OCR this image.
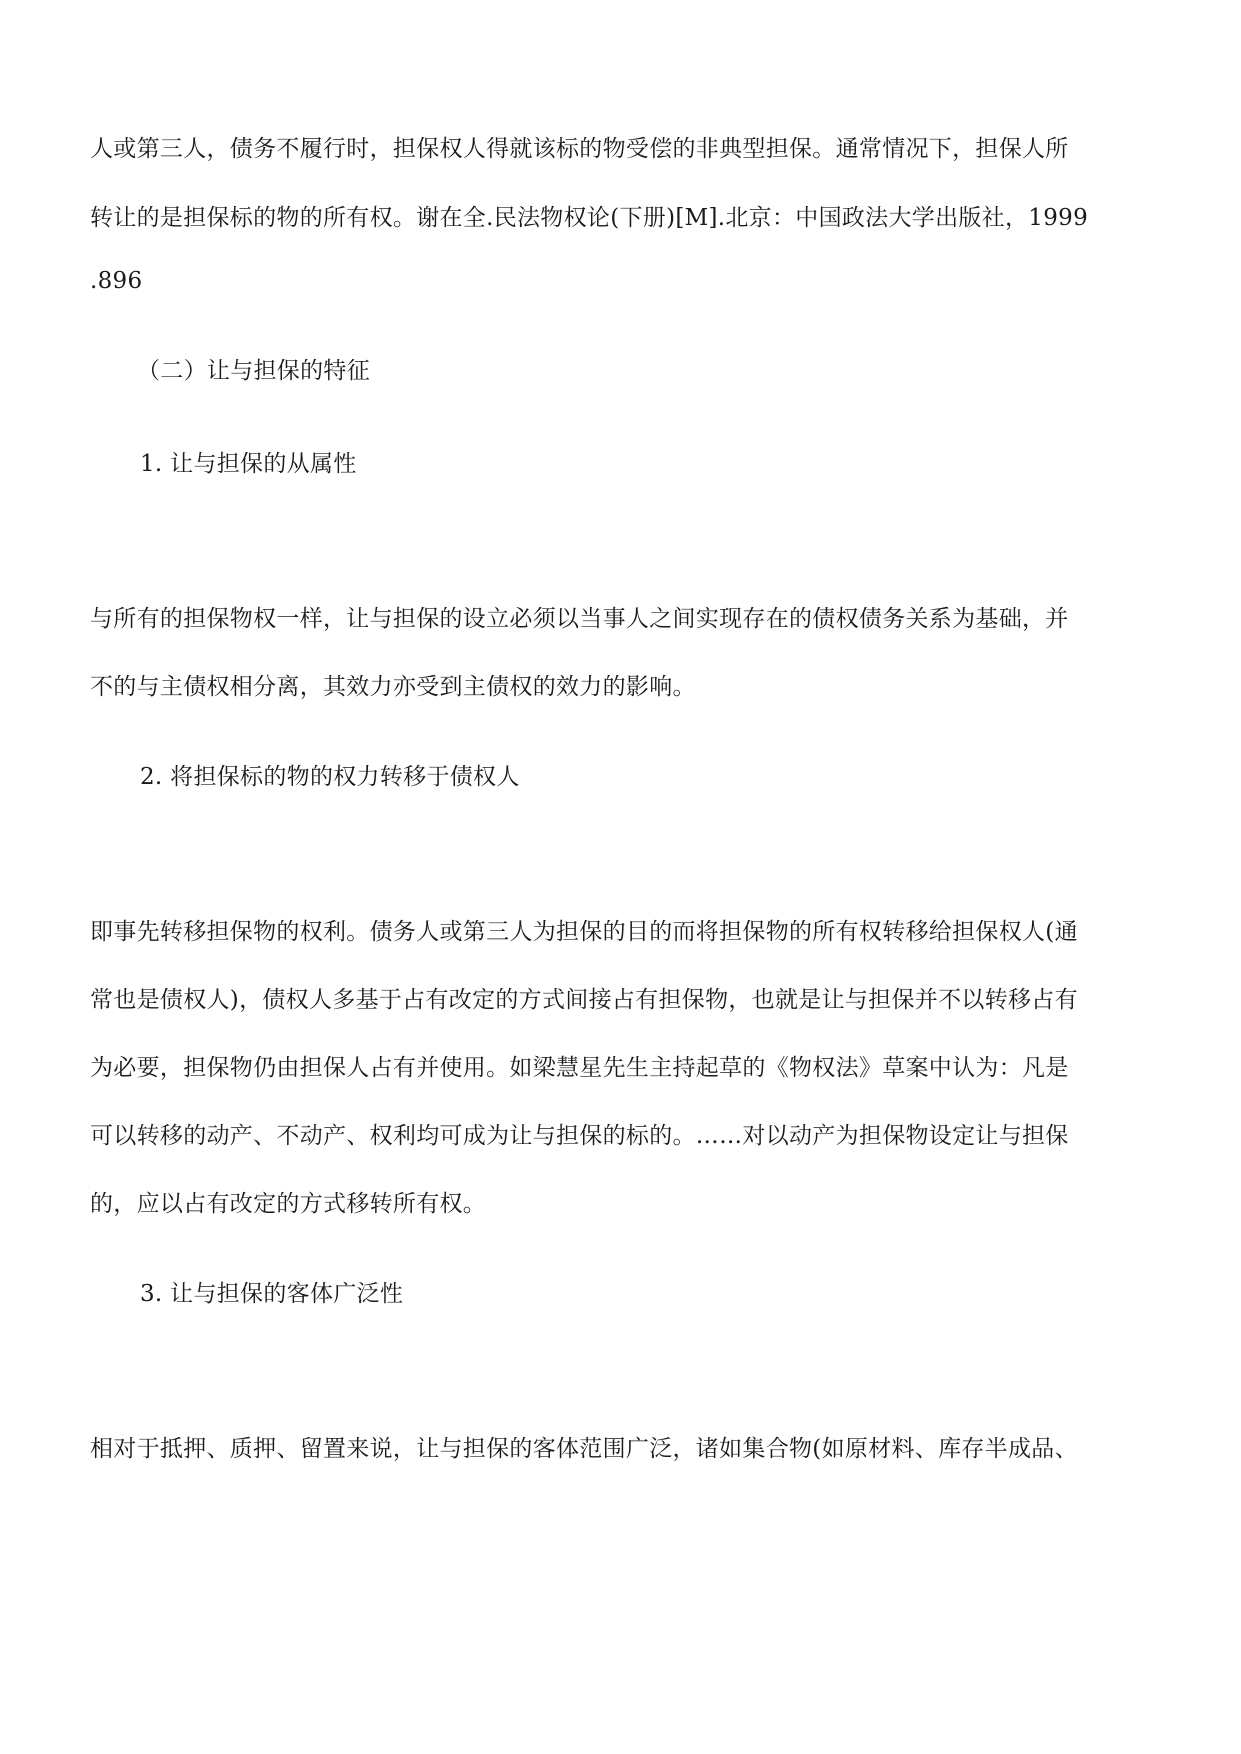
人或第三人，债务不履行时，担保权人得就该标的物受偿的非典型担保。通常情况下，担保人所
转让的是担保标的物的所有权。谢在全.民法物权论(下册)[M].北京：中国政法大学出版社，1999
.896
（二）让与担保的特征
1. 让与担保的从属性
与所有的担保物权一样，让与担保的设立必须以当事人之间实现存在的债权债务关系为基础，并
不的与主债权相分离，其效力亦受到主债权的效力的影响。
2. 将担保标的物的权力转移于债权人
即事先转移担保物的权利。债务人或第三人为担保的目的而将担保物的所有权转移给担保权人(通
常也是债权人)，债权人多基于占有改定的方式间接占有担保物，也就是让与担保并不以转移占有
为必要，担保物仍由担保人占有并使用。如梁慧星先生主持起草的《物权法》草案中认为：凡是
可以转移的动产、不动产、权利均可成为让与担保的标的。……对以动产为担保物设定让与担保
的，应以占有改定的方式移转所有权。
3. 让与担保的客体广泛性
相对于抵押、质押、留置来说，让与担保的客体范围广泛，诸如集合物(如原材料、库存半成品、
